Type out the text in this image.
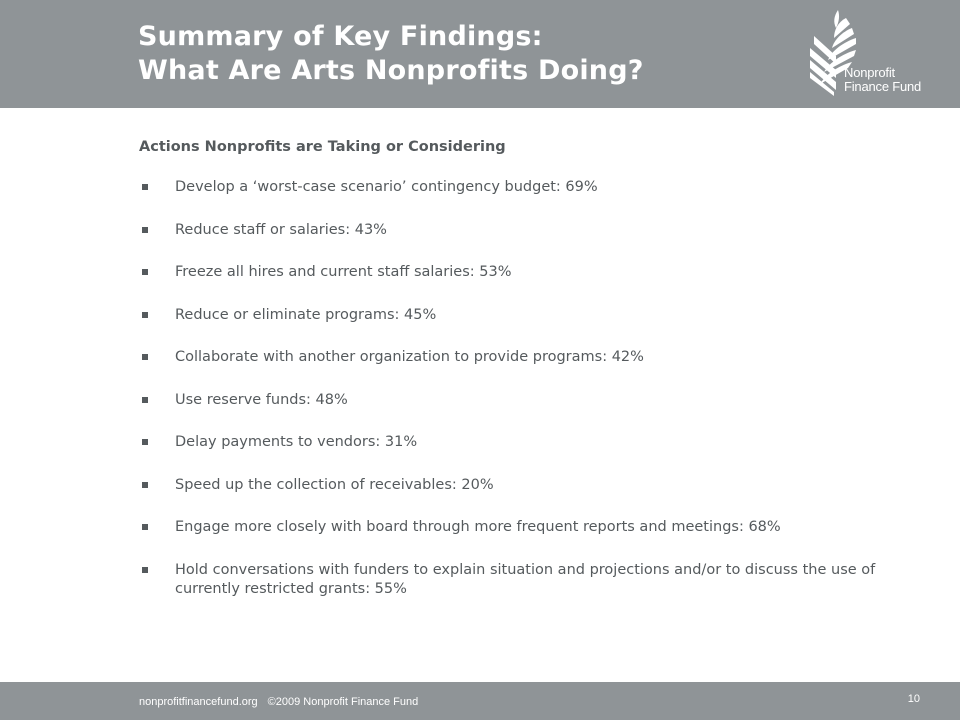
Summary of Key Findings:
What Are Arts Nonprofits Doing?	Nonprofit
Finance Fund
Actions Nonprofits are Taking or Considering
Develop a ‘worst-case scenario’ contingency budget: 69%
Reduce staff or salaries: 43%
Freeze all hires and current staff salaries: 53%
Reduce or eliminate programs: 45%
Collaborate with another organization to provide programs: 42%
Use reserve funds: 48%
Delay payments to vendors: 31%
Speed up the collection of receivables: 20%
Engage more closely with board through more frequent reports and meetings: 68%
Hold conversations with funders to explain situation and projections and/or to discuss the use of currently restricted grants: 55%
nonprofitfinancefund.org ©2009 Nonprofit Finance Fund	10
